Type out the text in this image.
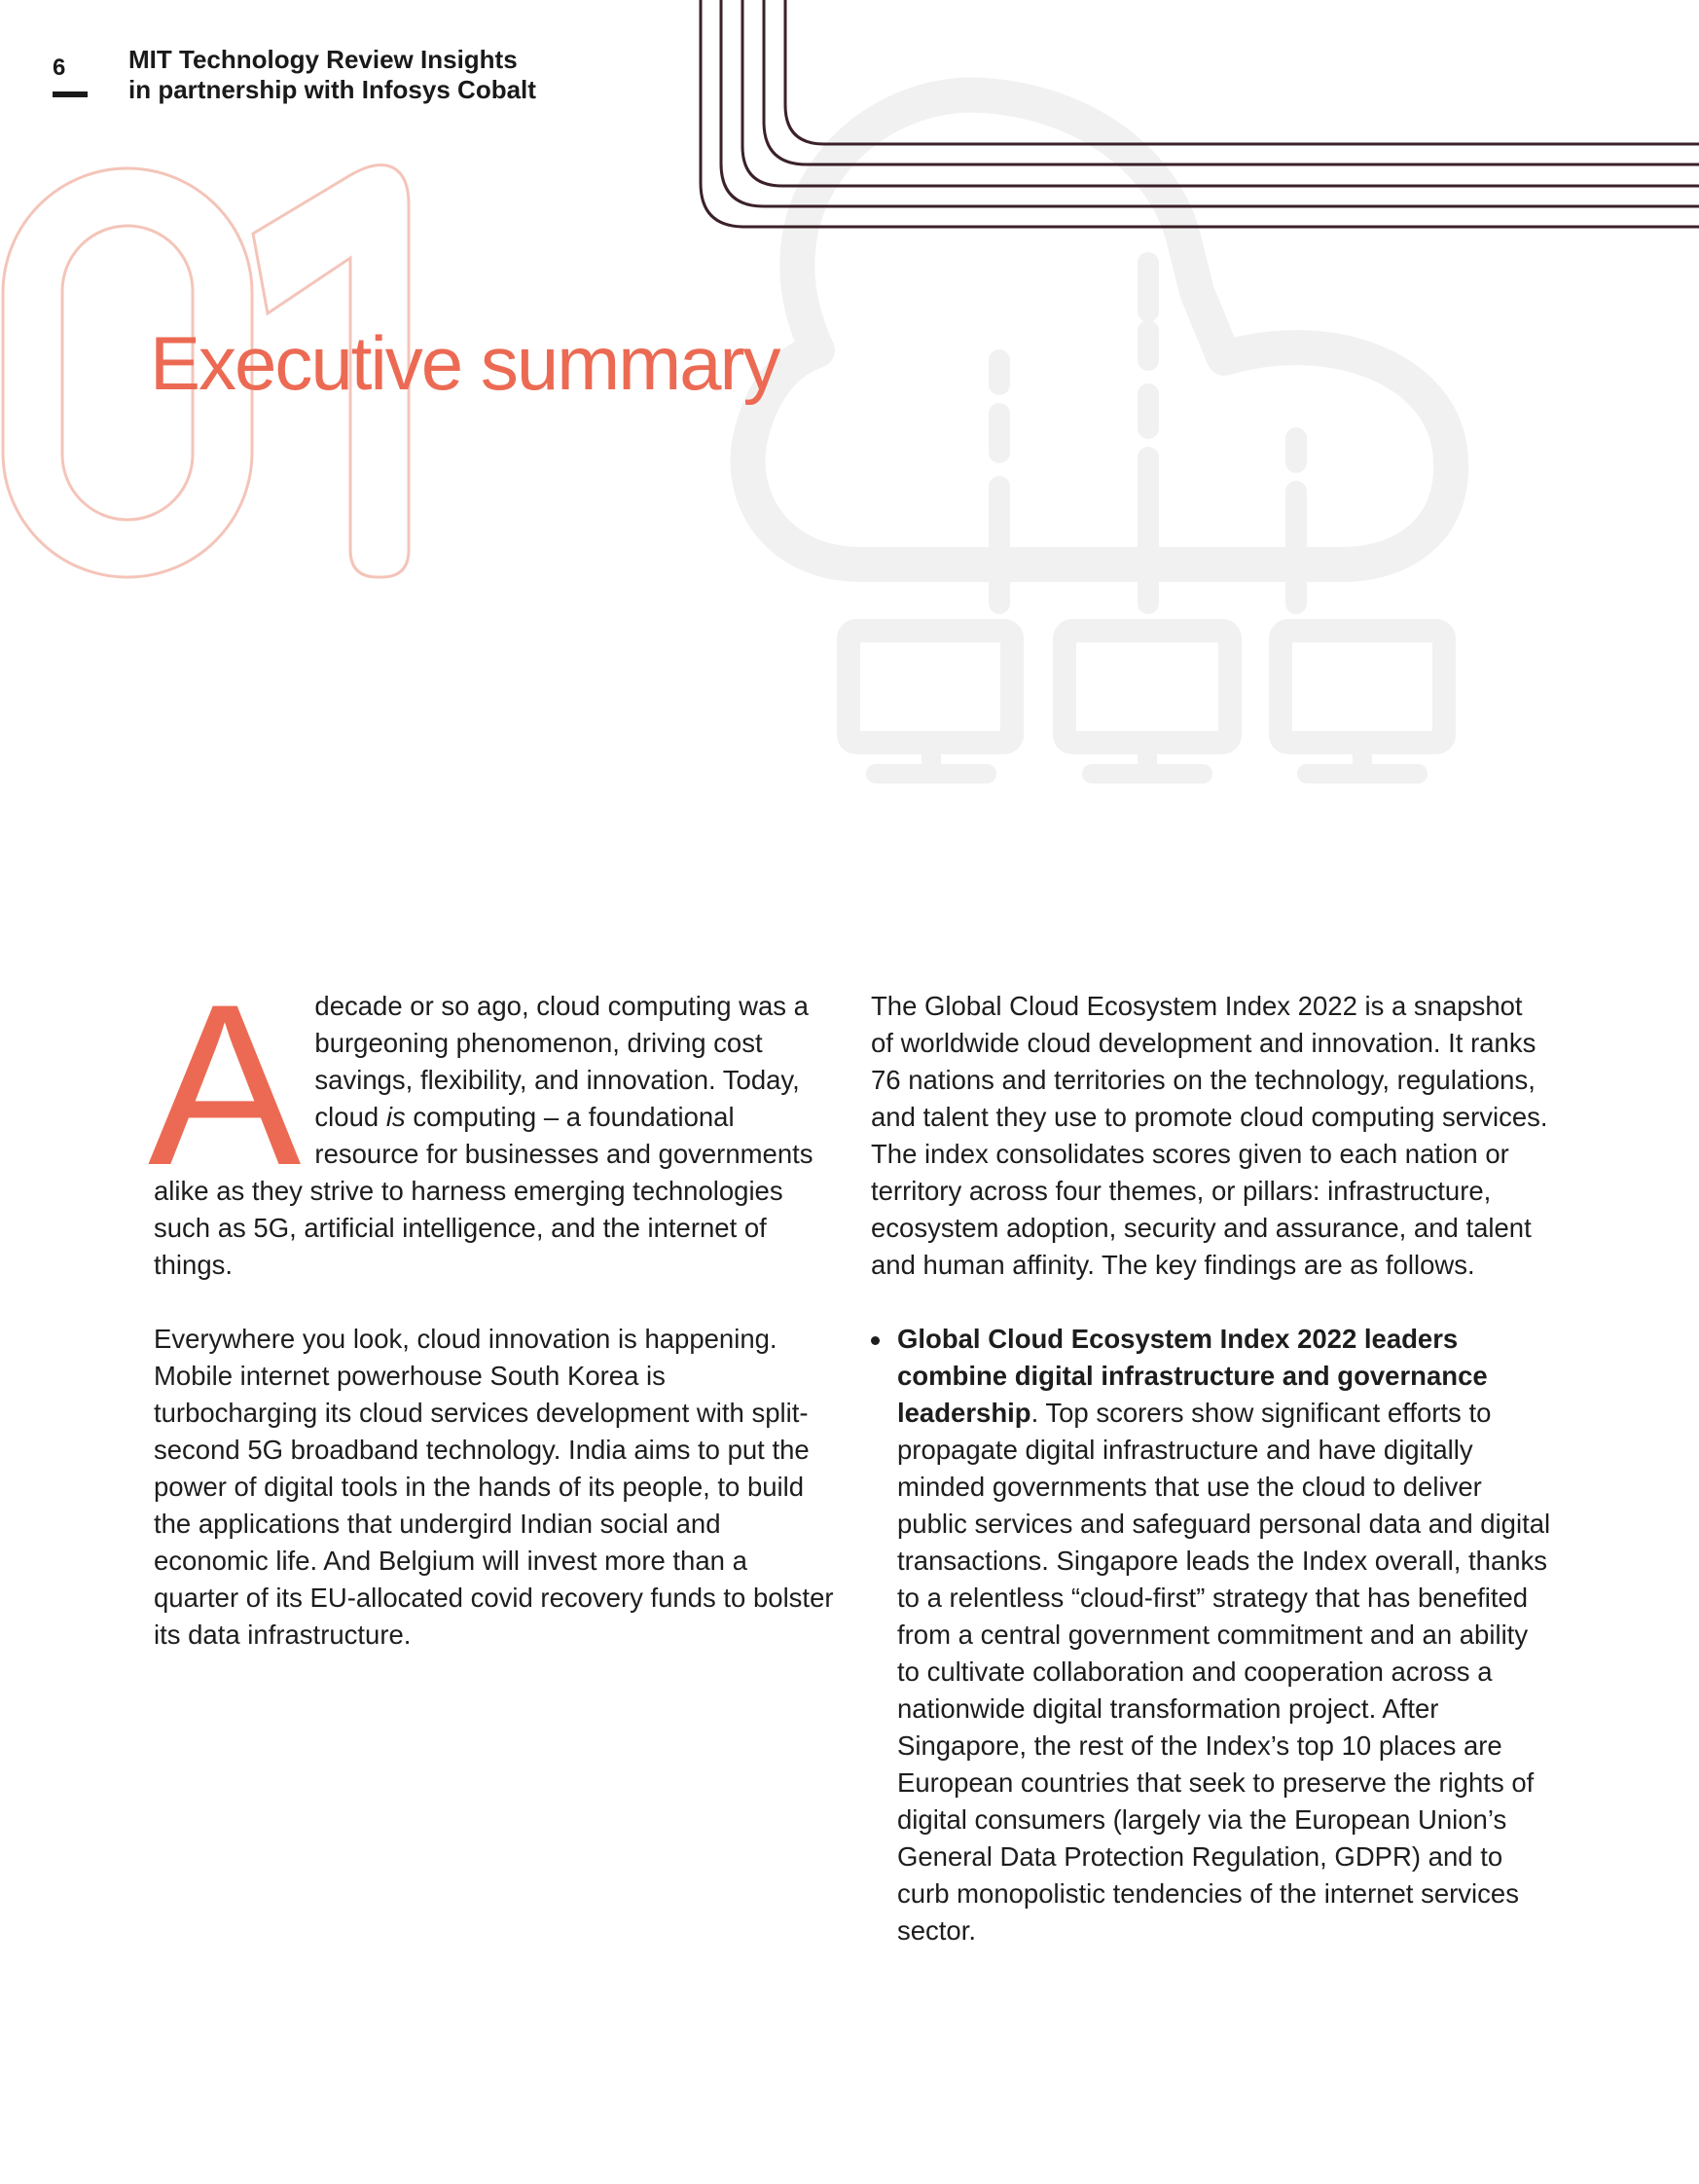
6 MIT Technology Review Insights
in partnership with Infosys Cobalt
Executive summary

A decade or so ago, cloud computing was a burgeoning phenomenon, driving cost savings, flexibility, and innovation. Today, cloud is computing – a foundational resource for businesses and governments alike as they strive to harness emerging technologies such as 5G, artificial intelligence, and the internet of things.

Everywhere you look, cloud innovation is happening. Mobile internet powerhouse South Korea is turbocharging its cloud services development with split-second 5G broadband technology. India aims to put the power of digital tools in the hands of its people, to build the applications that undergird Indian social and economic life. And Belgium will invest more than a quarter of its EU-allocated covid recovery funds to bolster its data infrastructure.

The Global Cloud Ecosystem Index 2022 is a snapshot of worldwide cloud development and innovation. It ranks 76 nations and territories on the technology, regulations, and talent they use to promote cloud computing services. The index consolidates scores given to each nation or territory across four themes, or pillars: infrastructure, ecosystem adoption, security and assurance, and talent and human affinity. The key findings are as follows.

Global Cloud Ecosystem Index 2022 leaders combine digital infrastructure and governance leadership. Top scorers show significant efforts to propagate digital infrastructure and have digitally minded governments that use the cloud to deliver public services and safeguard personal data and digital transactions. Singapore leads the Index overall, thanks to a relentless “cloud-first” strategy that has benefited from a central government commitment and an ability to cultivate collaboration and cooperation across a nationwide digital transformation project. After Singapore, the rest of the Index’s top 10 places are European countries that seek to preserve the rights of digital consumers (largely via the European Union’s General Data Protection Regulation, GDPR) and to curb monopolistic tendencies of the internet services sector.
